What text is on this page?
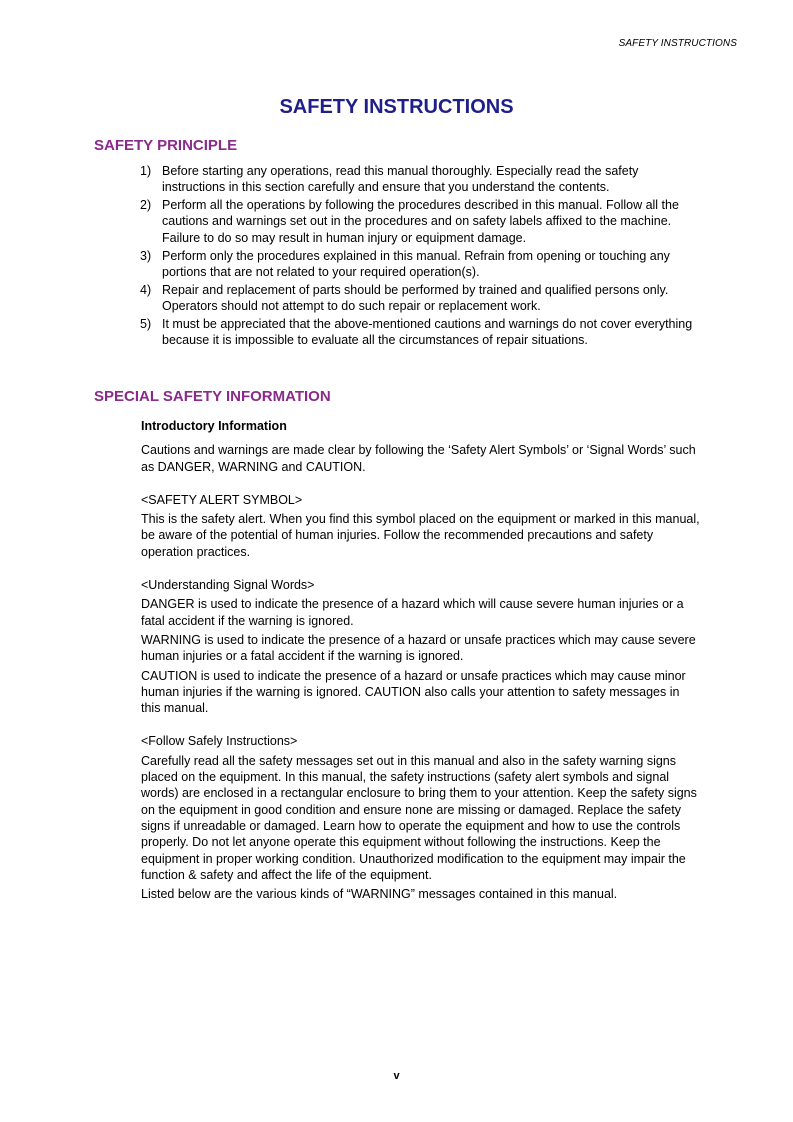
SAFETY INSTRUCTIONS
SAFETY INSTRUCTIONS
SAFETY PRINCIPLE
1) Before starting any operations, read this manual thoroughly. Especially read the safety instructions in this section carefully and ensure that you understand the contents.
2) Perform all the operations by following the procedures described in this manual. Follow all the cautions and warnings set out in the procedures and on safety labels affixed to the machine. Failure to do so may result in human injury or equipment damage.
3) Perform only the procedures explained in this manual. Refrain from opening or touching any portions that are not related to your required operation(s).
4) Repair and replacement of parts should be performed by trained and qualified persons only. Operators should not attempt to do such repair or replacement work.
5) It must be appreciated that the above-mentioned cautions and warnings do not cover everything because it is impossible to evaluate all the circumstances of repair situations.
SPECIAL SAFETY INFORMATION

Introductory Information

Cautions and warnings are made clear by following the ‘Safety Alert Symbols’ or ‘Signal Words’ such as DANGER, WARNING and CAUTION.

<SAFETY ALERT SYMBOL>

This is the safety alert. When you find this symbol placed on the equipment or marked in this manual, be aware of the potential of human injuries. Follow the recommended precautions and safety operation practices.

<Understanding Signal Words>

DANGER is used to indicate the presence of a hazard which will cause severe human injuries or a fatal accident if the warning is ignored.

WARNING is used to indicate the presence of a hazard or unsafe practices which may cause severe human injuries or a fatal accident if the warning is ignored.

CAUTION is used to indicate the presence of a hazard or unsafe practices which may cause minor human injuries if the warning is ignored. CAUTION also calls your attention to safety messages in this manual.

<Follow Safely Instructions>

Carefully read all the safety messages set out in this manual and also in the safety warning signs placed on the equipment. In this manual, the safety instructions (safety alert symbols and signal words) are enclosed in a rectangular enclosure to bring them to your attention. Keep the safety signs on the equipment in good condition and ensure none are missing or damaged. Replace the safety signs if unreadable or damaged. Learn how to operate the equipment and how to use the controls properly. Do not let anyone operate this equipment without following the instructions. Keep the equipment in proper working condition. Unauthorized modification to the equipment may impair the function & safety and affect the life of the equipment.

Listed below are the various kinds of “WARNING” messages contained in this manual.

v
